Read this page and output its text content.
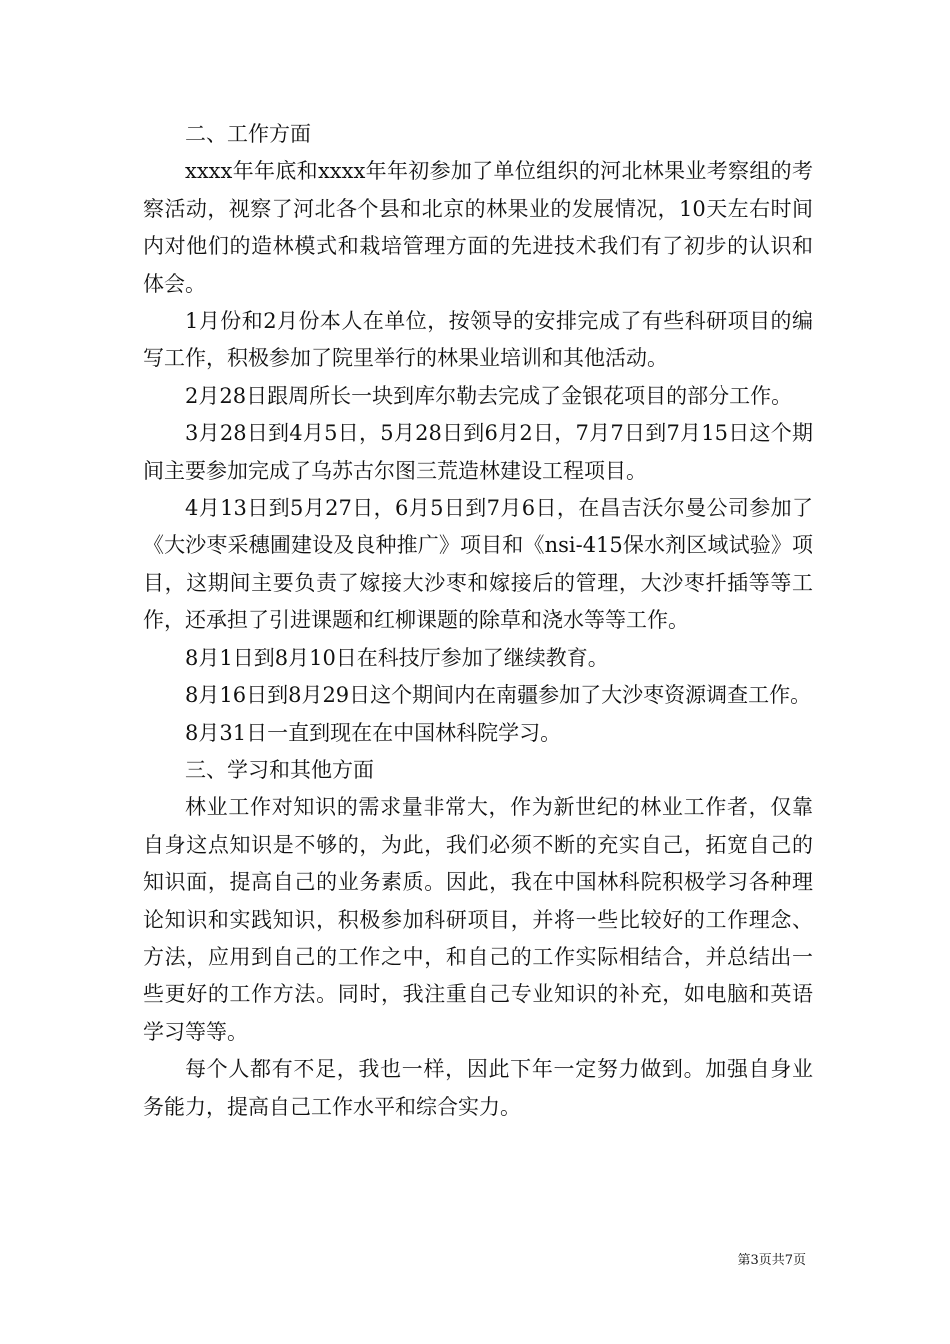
二、工作方面

xxxx年年底和xxxx年年初参加了单位组织的河北林果业考察组的考察活动，视察了河北各个县和北京的林果业的发展情况，10天左右时间内对他们的造林模式和栽培管理方面的先进技术我们有了初步的认识和体会。

1月份和2月份本人在单位，按领导的安排完成了有些科研项目的编写工作，积极参加了院里举行的林果业培训和其他活动。

2月28日跟周所长一块到库尔勒去完成了金银花项目的部分工作。

3月28日到4月5日，5月28日到6月2日，7月7日到7月15日这个期间主要参加完成了乌苏古尔图三荒造林建设工程项目。

4月13日到5月27日，6月5日到7月6日，在昌吉沃尔曼公司参加了《大沙枣采穗圃建设及良种推广》项目和《nsi-415保水剂区域试验》项目，这期间主要负责了嫁接大沙枣和嫁接后的管理，大沙枣扦插等等工作，还承担了引进课题和红柳课题的除草和浇水等等工作。

8月1日到8月10日在科技厅参加了继续教育。

8月16日到8月29日这个期间内在南疆参加了大沙枣资源调查工作。

8月31日一直到现在在中国林科院学习。

三、学习和其他方面

林业工作对知识的需求量非常大，作为新世纪的林业工作者，仅靠自身这点知识是不够的，为此，我们必须不断的充实自己，拓宽自己的知识面，提高自己的业务素质。因此，我在中国林科院积极学习各种理论知识和实践知识，积极参加科研项目，并将一些比较好的工作理念、方法，应用到自己的工作之中，和自己的工作实际相结合，并总结出一些更好的工作方法。同时，我注重自己专业知识的补充，如电脑和英语学习等等。

每个人都有不足，我也一样，因此下年一定努力做到。加强自身业务能力，提高自己工作水平和综合实力。

第3页共7页
